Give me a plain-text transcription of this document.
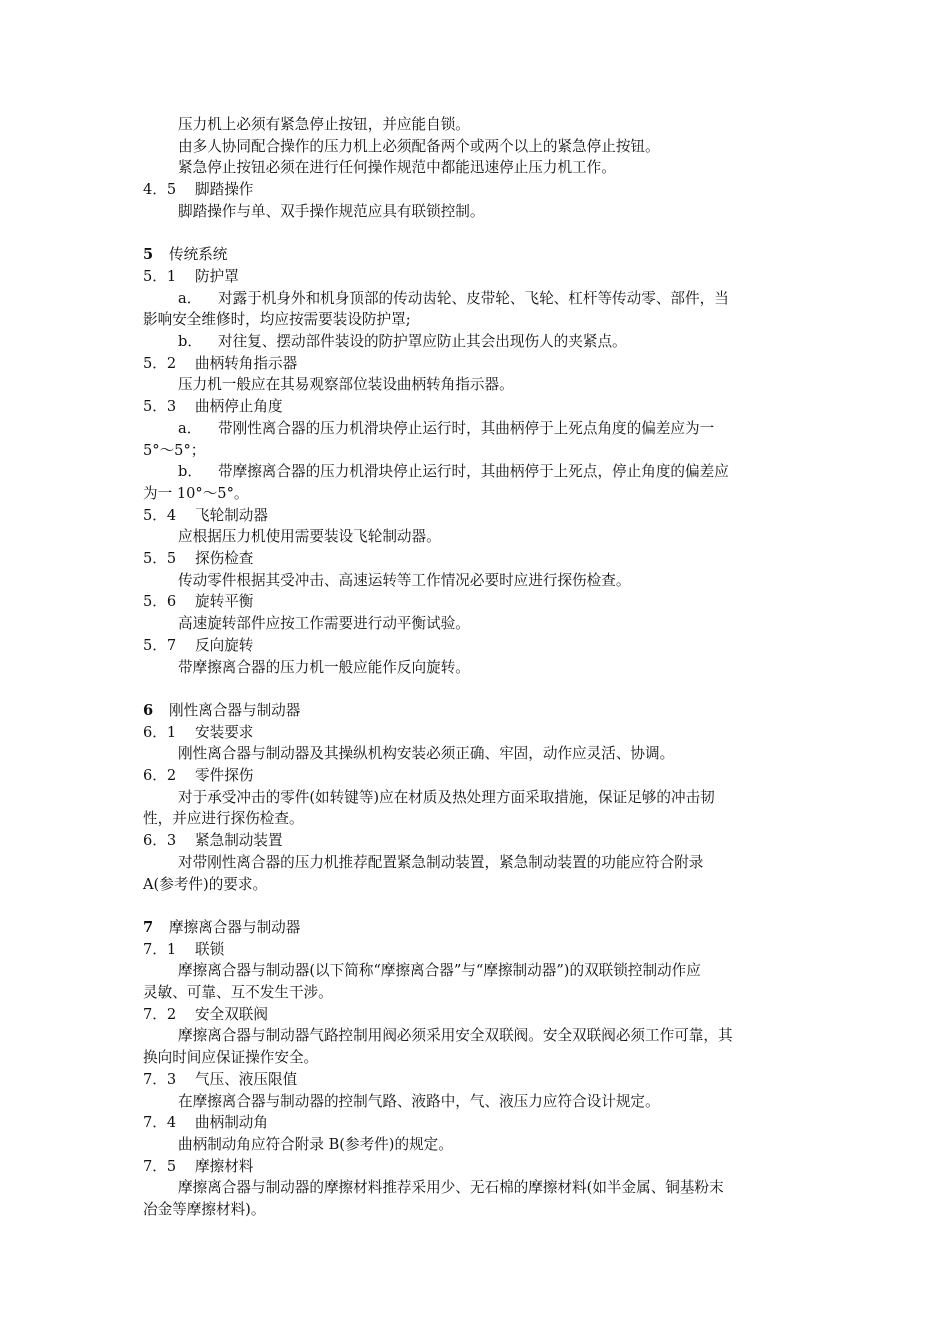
压力机上必须有紧急停止按钮，并应能自锁。
由多人协同配合操作的压力机上必须配备两个或两个以上的紧急停止按钮。
紧急停止按钮必须在进行任何操作规范中都能迅速停止压力机工作。
4．5 脚踏操作
脚踏操作与单、双手操作规范应具有联锁控制。
5 传统系统
5．1 防护罩
a． 对露于机身外和机身顶部的传动齿轮、皮带轮、飞轮、杠杆等传动零、部件，当
影响安全维修时，均应按需要装设防护罩;
b． 对往复、摆动部件装设的防护罩应防止其会出现伤人的夹紧点。
5．2 曲柄转角指示器
压力机一般应在其易观察部位装设曲柄转角指示器。
5．3 曲柄停止角度
a． 带刚性离合器的压力机滑块停止运行时，其曲柄停于上死点角度的偏差应为一
5°～5°；
b． 带摩擦离合器的压力机滑块停止运行时，其曲柄停于上死点，停止角度的偏差应
为一 10°～5°。
5．4 飞轮制动器
应根据压力机使用需要装设飞轮制动器。
5．5 探伤检查
传动零件根据其受冲击、高速运转等工作情况必要时应进行探伤检查。
5．6 旋转平衡
高速旋转部件应按工作需要进行动平衡试验。
5．7 反向旋转
带摩擦离合器的压力机一般应能作反向旋转。
6 刚性离合器与制动器
6．1 安装要求
刚性离合器与制动器及其操纵机构安装必须正确、牢固，动作应灵活、协调。
6．2 零件探伤
对于承受冲击的零件(如转键等)应在材质及热处理方面采取措施，保证足够的冲击韧
性，并应进行探伤检查。
6．3 紧急制动装置
对带刚性离合器的压力机推荐配置紧急制动装置，紧急制动装置的功能应符合附录
A(参考件)的要求。
7 摩擦离合器与制动器
7．1 联锁
摩擦离合器与制动器(以下简称“摩擦离合器”与“摩擦制动器”)的双联锁控制动作应
灵敏、可靠、互不发生干涉。
7．2 安全双联阀
摩擦离合器与制动器气路控制用阀必须采用安全双联阀。安全双联阀必须工作可靠，其
换向时间应保证操作安全。
7．3 气压、液压限值
在摩擦离合器与制动器的控制气路、液路中，气、液压力应符合设计规定。
7．4 曲柄制动角
曲柄制动角应符合附录 B(参考件)的规定。
7．5 摩擦材料
摩擦离合器与制动器的摩擦材料推荐采用少、无石棉的摩擦材料(如半金属、铜基粉末
冶金等摩擦材料)。
